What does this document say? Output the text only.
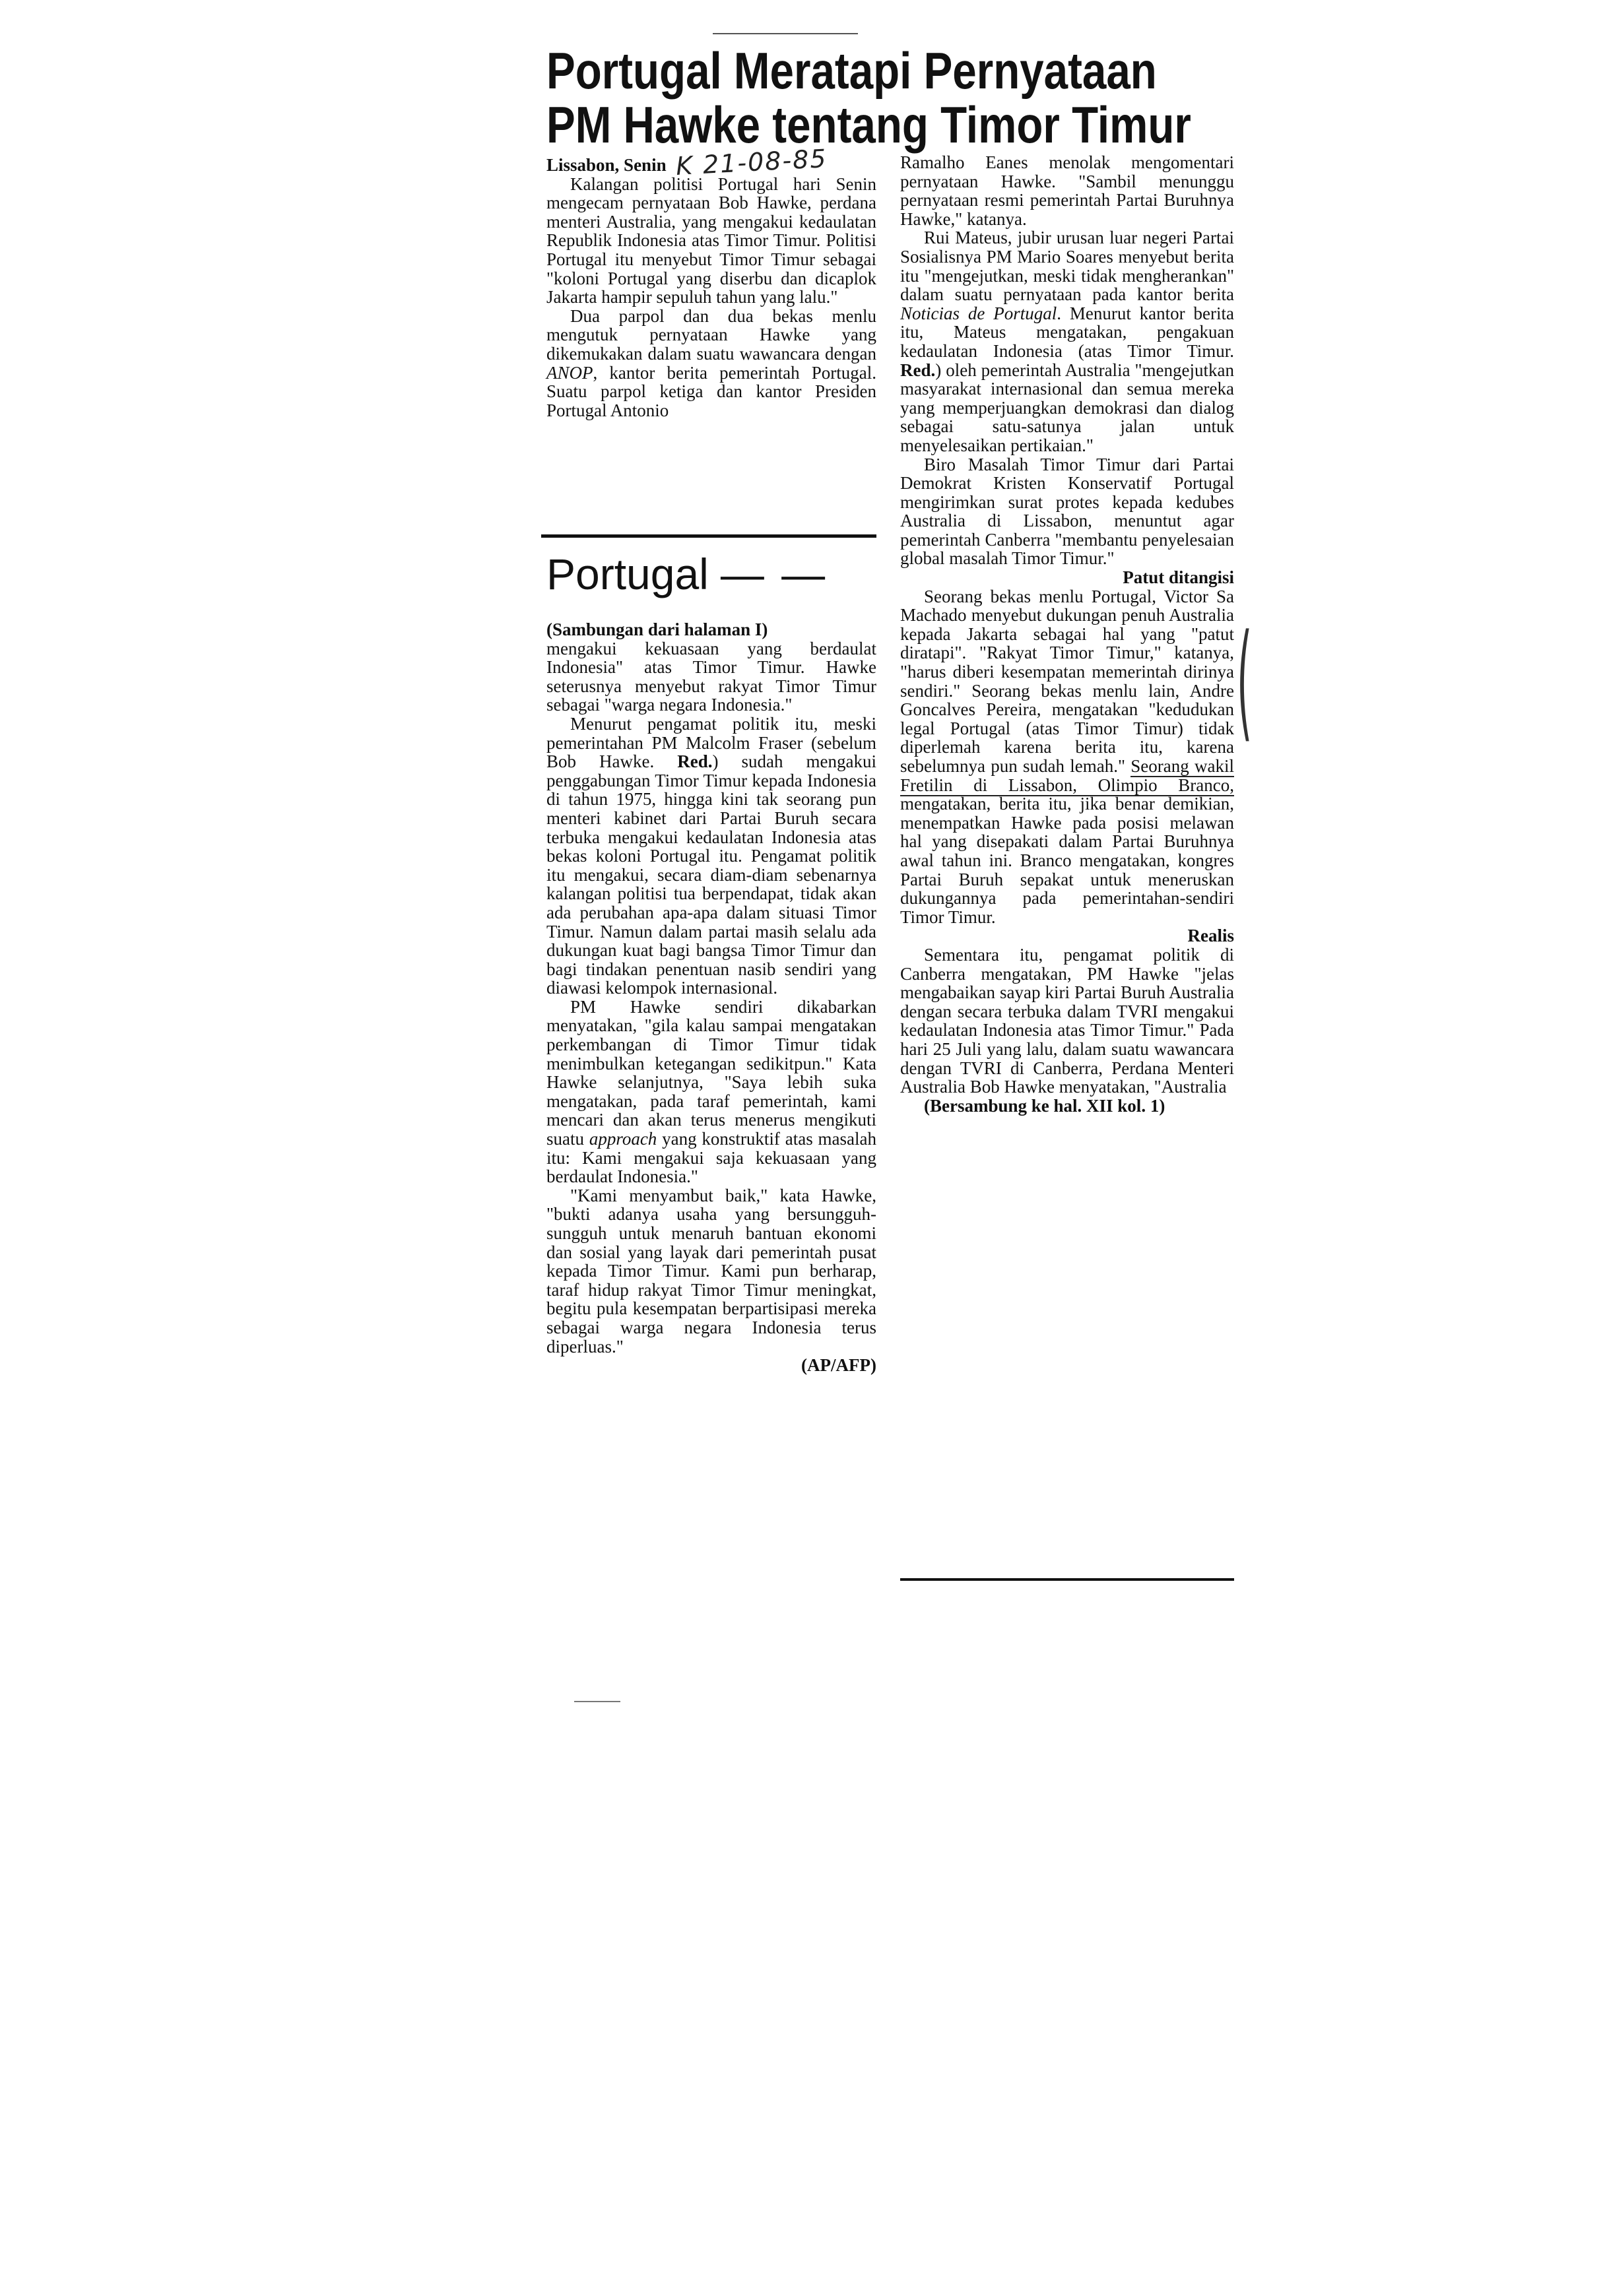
Portugal Meratapi Pernyataan
PM Hawke tentang Timor Timur

Lissabon, Senin K 21-08-85

Kalangan politisi Portugal hari Senin mengecam pernyataan Bob Hawke, perdana menteri Australia, yang mengakui kedaulatan Republik Indonesia atas Timor Timur. Politisi Portugal itu menyebut Timor Timur sebagai "koloni Portugal yang diserbu dan dicaplok Jakarta hampir sepuluh tahun yang lalu."

Dua parpol dan dua bekas menlu mengutuk pernyataan Hawke yang dikemukakan dalam suatu wawancara dengan ANOP, kantor berita pemerintah Portugal. Suatu parpol ketiga dan kantor Presiden Portugal Antonio

Portugal — —

(Sambungan dari halaman I)

mengakui kekuasaan yang berdaulat Indonesia" atas Timor Timur. Hawke seterusnya menyebut rakyat Timor Timur sebagai "warga negara Indonesia."

Menurut pengamat politik itu, meski pemerintahan PM Malcolm Fraser (sebelum Bob Hawke. Red.) sudah mengakui penggabungan Timor Timur kepada Indonesia di tahun 1975, hingga kini tak seorang pun menteri kabinet dari Partai Buruh secara terbuka mengakui kedaulatan Indonesia atas bekas koloni Portugal itu. Pengamat politik itu mengakui, secara diam-diam sebenarnya kalangan politisi tua berpendapat, tidak akan ada perubahan apa-apa dalam situasi Timor Timur. Namun dalam partai masih selalu ada dukungan kuat bagi bangsa Timor Timur dan bagi tindakan penentuan nasib sendiri yang diawasi kelompok internasional.

PM Hawke sendiri dikabarkan menyatakan, "gila kalau sampai mengatakan perkembangan di Timor Timur tidak menimbulkan ketegangan sedikitpun." Kata Hawke selanjutnya, "Saya lebih suka mengatakan, pada taraf pemerintah, kami mencari dan akan terus menerus mengikuti suatu approach yang konstruktif atas masalah itu: Kami mengakui saja kekuasaan yang berdaulat Indonesia."

"Kami menyambut baik," kata Hawke, "bukti adanya usaha yang bersungguh-sungguh untuk menaruh bantuan ekonomi dan sosial yang layak dari pemerintah pusat kepada Timor Timur. Kami pun berharap, taraf hidup rakyat Timor Timur meningkat, begitu pula kesempatan berpartisipasi mereka sebagai warga negara Indonesia terus diperluas."

(AP/AFP)

Ramalho Eanes menolak mengomentari pernyataan Hawke. "Sambil menunggu pernyataan resmi pemerintah Partai Buruhnya Hawke," katanya.

Rui Mateus, jubir urusan luar negeri Partai Sosialisnya PM Mario Soares menyebut berita itu "mengejutkan, meski tidak mengherankan" dalam suatu pernyataan pada kantor berita Noticias de Portugal. Menurut kantor berita itu, Mateus mengatakan, pengakuan kedaulatan Indonesia (atas Timor Timur. Red.) oleh pemerintah Australia "mengejutkan masyarakat internasional dan semua mereka yang memperjuangkan demokrasi dan dialog sebagai satu-satunya jalan untuk menyelesaikan pertikaian."

Biro Masalah Timor Timur dari Partai Demokrat Kristen Konservatif Portugal mengirimkan surat protes kepada kedubes Australia di Lissabon, menuntut agar pemerintah Canberra "membantu penyelesaian global masalah Timor Timur."

Patut ditangisi

Seorang bekas menlu Portugal, Victor Sa Machado menyebut dukungan penuh Australia kepada Jakarta sebagai hal yang "patut diratapi". "Rakyat Timor Timur," katanya, "harus diberi kesempatan memerintah dirinya sendiri." Seorang bekas menlu lain, Andre Goncalves Pereira, mengatakan "kedudukan legal Portugal (atas Timor Timur) tidak diperlemah karena berita itu, karena sebelumnya pun sudah lemah." Seorang wakil Fretilin di Lissabon, Olimpio Branco, mengatakan, berita itu, jika benar demikian, menempatkan Hawke pada posisi melawan hal yang disepakati dalam Partai Buruhnya awal tahun ini. Branco mengatakan, kongres Partai Buruh sepakat untuk meneruskan dukungannya pada pemerintahan-sendiri Timor Timur.

Realis

Sementara itu, pengamat politik di Canberra mengatakan, PM Hawke "jelas mengabaikan sayap kiri Partai Buruh Australia dengan secara terbuka dalam TVRI mengakui kedaulatan Indonesia atas Timor Timur." Pada hari 25 Juli yang lalu, dalam suatu wawancara dengan TVRI di Canberra, Perdana Menteri Australia Bob Hawke menyatakan, "Australia

(Bersambung ke hal. XII kol. 1)

(
